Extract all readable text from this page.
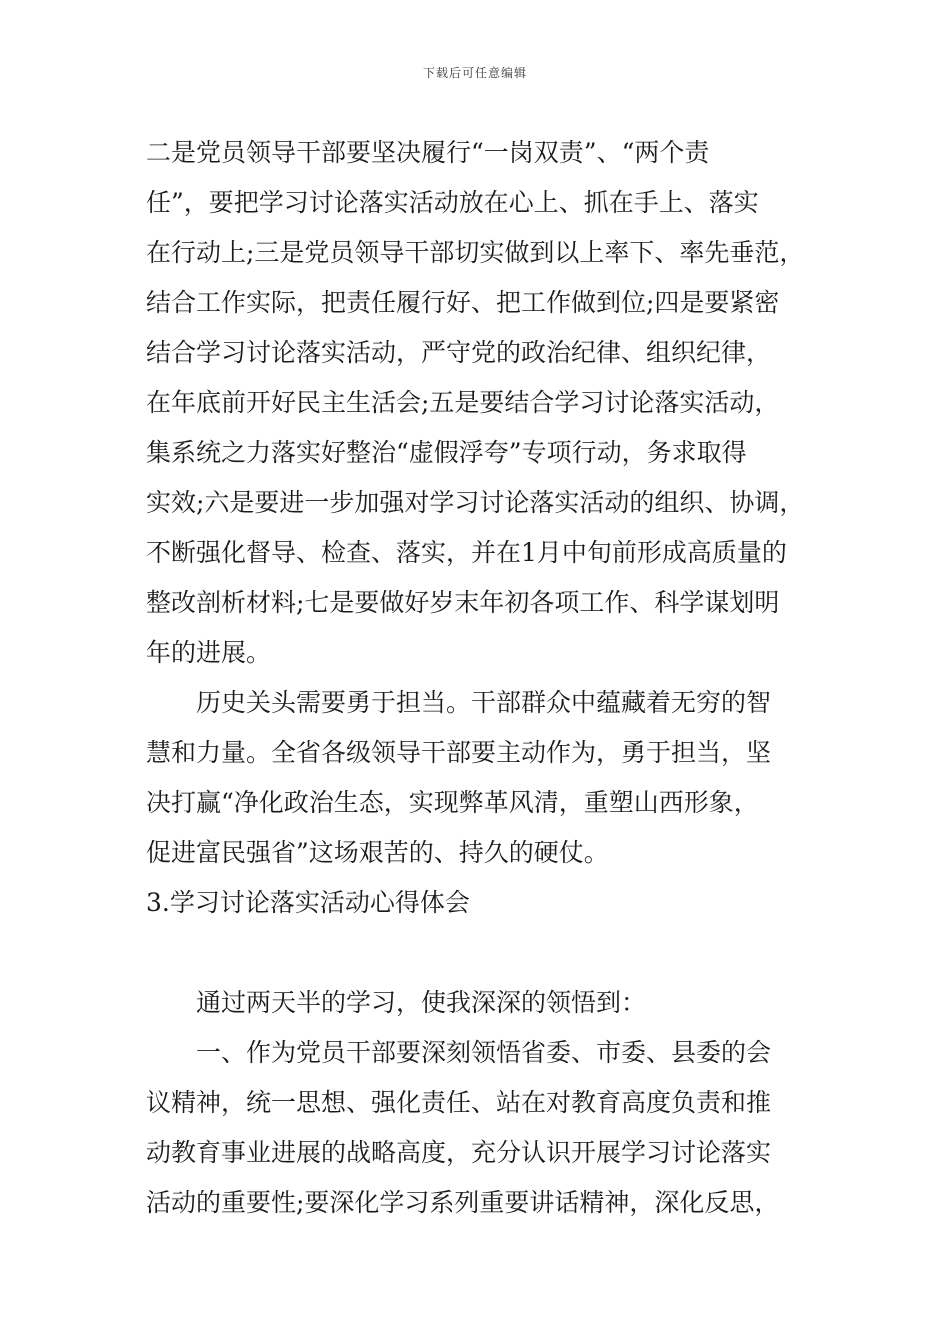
下载后可任意编辑
二是党员领导干部要坚决履行“一岗双责”、“两个责
任”，要把学习讨论落实活动放在心上、抓在手上、落实
在行动上;三是党员领导干部切实做到以上率下、率先垂范，
结合工作实际，把责任履行好、把工作做到位;四是要紧密
结合学习讨论落实活动，严守党的政治纪律、组织纪律，
在年底前开好民主生活会;五是要结合学习讨论落实活动，
集系统之力落实好整治“虚假浮夸”专项行动，务求取得
实效;六是要进一步加强对学习讨论落实活动的组织、协调，
不断强化督导、检查、落实，并在1月中旬前形成高质量的
整改剖析材料;七是要做好岁末年初各项工作、科学谋划明
年的进展。
历史关头需要勇于担当。干部群众中蕴藏着无穷的智
慧和力量。全省各级领导干部要主动作为，勇于担当，坚
决打赢“净化政治生态，实现弊革风清，重塑山西形象，
促进富民强省”这场艰苦的、持久的硬仗。
3.学习讨论落实活动心得体会
通过两天半的学习，使我深深的领悟到：
一、作为党员干部要深刻领悟省委、市委、县委的会
议精神，统一思想、强化责任、站在对教育高度负责和推
动教育事业进展的战略高度，充分认识开展学习讨论落实
活动的重要性;要深化学习系列重要讲话精神，深化反思，
